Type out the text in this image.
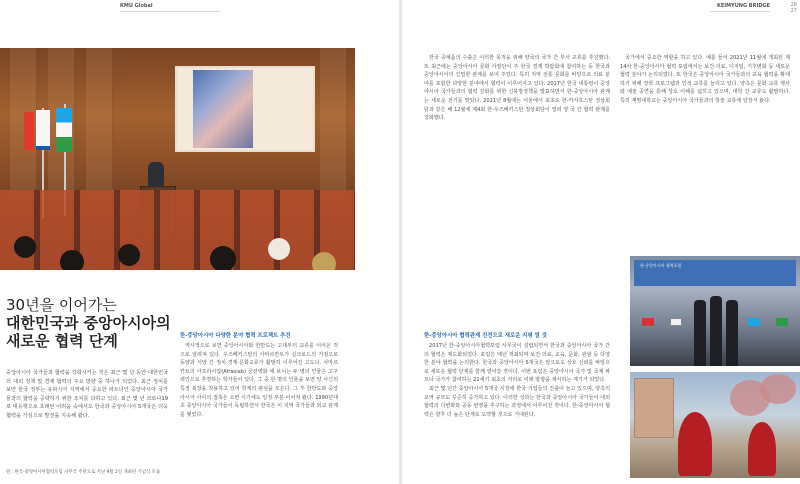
KMU Global	KEIMYUNG BRIDGE	26
27
30년을 이어가는
대한민국과 중앙아시아의
새로운 협력 단계

중앙아시아 국가들과 협력을 강화시키는 것은 최근 몇 년 동안 대한민국의 대외 정책 및 경제 협력의 주요 방향 중 하나가 되었다. 최근 정치를 보면 한국 정부는 유라시아 지역에서 중요한 파트너인 중앙아시아 국가들과의 협력을 공략하기 위한 조치를 다하고 있다. 최근 몇 년 코로나19로 대유행으로 초래된 어려움 속에서도 한국과 중앙아시아 5개국은 더욱 협력을 가심으로 발전을 지속해 왔다.

왼 : 한국-중앙아시아협력포럼 사무국 주관으로 지난 9월 2일 개최된 기념식 모습

한-중앙아시아 다양한 분야 협력 프로젝트 추진

역사적으로 보면 중앙아시아와 한반도는 고대부터 교류를 이어온 것으로 알려져 있다. 우즈베키스탄의 사마르칸트가 실크로드의 거점으로 동양과 서양 간 정치·경제·문화교류가 활발히 이루어진 고도다. 사마르칸트의 아프라시압(Afrasiab) 궁전벽화 에 보이는 두 명의 인물은 고구려인으로 추정하는 학자들이 있다. 그 중 한 명의 인물을 보면 양 사신의 특정 복장을 착용하고 있어 학계의 관심을 모은다. 그 후 한반도와 중앙아시아 사이의 접촉은 소련 시기에도 일정 부분 이어져 왔다. 1990년대 초 중앙아시아 국가들이 독립하면서 한국은 이 지역 국가들과 외교 관계를 맺었다.

한국 공예품의 수출은 이러한 목적을 위해 양국의 국가 간 부서 교류를 추진했다. 또 최근에는 중앙아시아 문화 사절단이 주 한국 경제 박람회에 참여하는 등 한국과 중앙아시아의 긴밀한 관계를 보여 주었다. 특히 지역 전통 문화를 바탕으로 의료 분야를 포함한 다양한 분야에서 협력이 이루어지고 있다. 2017년 한국 대통령이 중앙아시아 국가들과의 협력 강화를 위한 신북방정책을 발표하면서 한-중앙아시아 관계는 새로운 전기를 맞았다. 2021년 8월에는 서울에서 최초로 한-카자흐스탄 정상회담과 같은 해 12월에 제4회 한-우즈베키스탄 정상회담이 열려 양 국 간 협력 관계를 강화했다.

한-중앙아시아 협력관계 진전으로 새로운 지평 열 것

2017년 한-중앙아시아협력포럼 사무국이 설립되면서 한국과 중앙아시아 국가 간의 협력은 제도화되었다. 포럼은 매년 개최되며 보건·의료, 교육, 문화, 관광 등 다양한 분야 협력을 논의한다. 한국과 중앙아시아 5개국은 앞으로도 상호 신뢰를 바탕으로 새로운 협력 단계를 함께 열어갈 것이다. 이번 포럼은 중앙아시아 국가 및 국제 파트너 국가가 참여하는 21세기 최초의 자리로 미래 방향을 제시하는 계기가 되었다.

최근 몇 년간 중앙아시아 5개국 시장에 한국 기업들의 진출이 늘고 있으며, 양측의 교역 규모도 꾸준히 증가하고 있다. 이러한 성과는 한국과 중앙아시아 국가들이 대외 협력의 다변화와 공동 번영을 추구하는 과정에서 이루어진 것이다. 한-중앙아시아 협력은 향후 더 높은 단계로 도약할 것으로 기대된다.

국가에서 중요한 역할을 하고 있다. 예를 들어 2021년 11월에 개최된 제14차 한-중앙아시아 협력 포럼에서는 보건·의료, 디지털, 기후변화 등 새로운 협력 분야가 논의되었다. 또 한국은 중앙아시아 국가들과의 교육 협력을 확대하기 위해 장학 프로그램과 인적 교류를 늘리고 있다. 양측은 문화 교류 행사와 예술 공연을 통해 상호 이해를 넓히고 있으며, 대학 간 교류도 활발하다. 특히 계명대학교는 중앙아시아 국가들과의 학술 교류에 앞장서 왔다.

한-중앙아시아 협력포럼
